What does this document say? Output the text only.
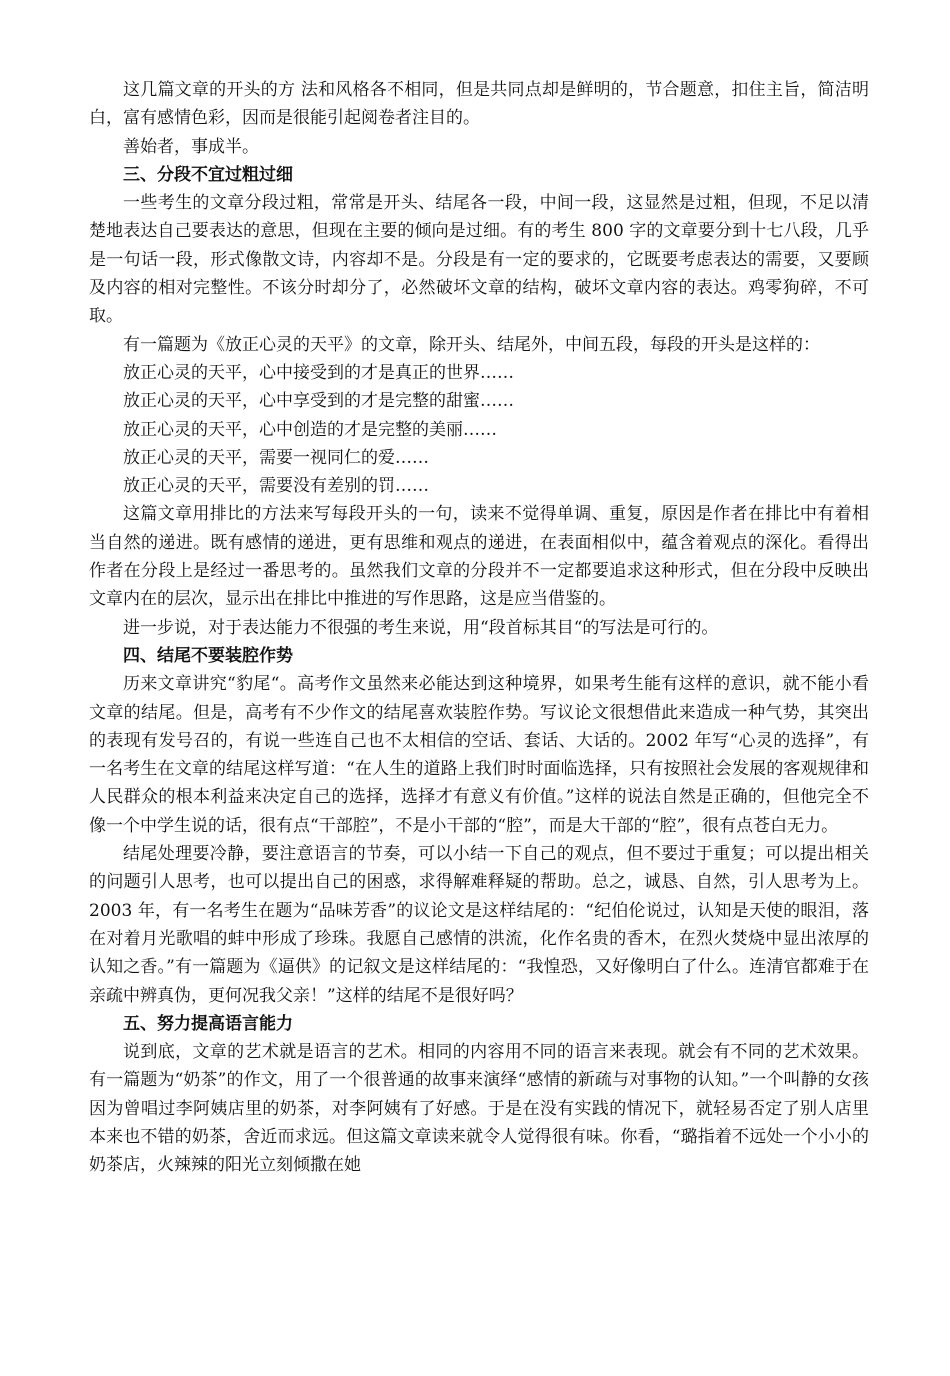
这几篇文章的开头的方 法和风格各不相同，但是共同点却是鲜明的，节合题意，扣住主旨，简洁明白，富有感情色彩，因而是很能引起阅卷者注目的。

善始者，事成半。

三、分段不宜过粗过细

一些考生的文章分段过粗，常常是开头、结尾各一段，中间一段，这显然是过粗，但现，不足以清楚地表达自己要表达的意思，但现在主要的倾向是过细。有的考生 800 字的文章要分到十七八段，几乎是一句话一段，形式像散文诗，内容却不是。分段是有一定的要求的，它既要考虑表达的需要，又要顾及内容的相对完整性。不该分时却分了，必然破坏文章的结构，破坏文章内容的表达。鸡零狗碎，不可取。

有一篇题为《放正心灵的天平》的文章，除开头、结尾外，中间五段，每段的开头是这样的：

放正心灵的天平，心中接受到的才是真正的世界……

放正心灵的天平，心中享受到的才是完整的甜蜜……

放正心灵的天平，心中创造的才是完整的美丽……

放正心灵的天平，需要一视同仁的爱……

放正心灵的天平，需要没有差别的罚……

这篇文章用排比的方法来写每段开头的一句，读来不觉得单调、重复，原因是作者在排比中有着相当自然的递进。既有感情的递进，更有思维和观点的递进，在表面相似中，蕴含着观点的深化。看得出作者在分段上是经过一番思考的。虽然我们文章的分段并不一定都要追求这种形式，但在分段中反映出文章内在的层次，显示出在排比中推进的写作思路，这是应当借鉴的。

进一步说，对于表达能力不很强的考生来说，用“段首标其目“的写法是可行的。

四、结尾不要装腔作势

历来文章讲究“豹尾“。高考作文虽然来必能达到这种境界，如果考生能有这样的意识，就不能小看文章的结尾。但是，高考有不少作文的结尾喜欢装腔作势。写议论文很想借此来造成一种气势，其突出的表现有发号召的，有说一些连自己也不太相信的空话、套话、大话的。2002 年写“心灵的选择”，有一名考生在文章的结尾这样写道：“在人生的道路上我们时时面临选择，只有按照社会发展的客观规律和人民群众的根本利益来决定自己的选择，选择才有意义有价值。”这样的说法自然是正确的，但他完全不像一个中学生说的话，很有点“干部腔”，不是小干部的“腔”，而是大干部的“腔”，很有点苍白无力。

结尾处理要冷静，要注意语言的节奏，可以小结一下自己的观点，但不要过于重复；可以提出相关的问题引人思考，也可以提出自己的困惑，求得解难释疑的帮助。总之，诚恳、自然，引人思考为上。2003 年，有一名考生在题为“品味芳香”的议论文是这样结尾的：“纪伯伦说过，认知是天使的眼泪，落在对着月光歌唱的蚌中形成了珍珠。我愿自己感情的洪流，化作名贵的香木，在烈火焚烧中显出浓厚的认知之香。”有一篇题为《逼供》的记叙文是这样结尾的：“我惶恐，又好像明白了什么。连清官都难于在亲疏中辨真伪，更何况我父亲！”这样的结尾不是很好吗？

五、努力提高语言能力

说到底，文章的艺术就是语言的艺术。相同的内容用不同的语言来表现。就会有不同的艺术效果。有一篇题为“奶茶”的作文，用了一个很普通的故事来演绎“感情的新疏与对事物的认知。”一个叫静的女孩因为曾唱过李阿姨店里的奶茶，对李阿姨有了好感。于是在没有实践的情况下，就轻易否定了别人店里本来也不错的奶茶，舍近而求远。但这篇文章读来就令人觉得很有味。你看，“璐指着不远处一个小小的奶茶店，火辣辣的阳光立刻倾撒在她
